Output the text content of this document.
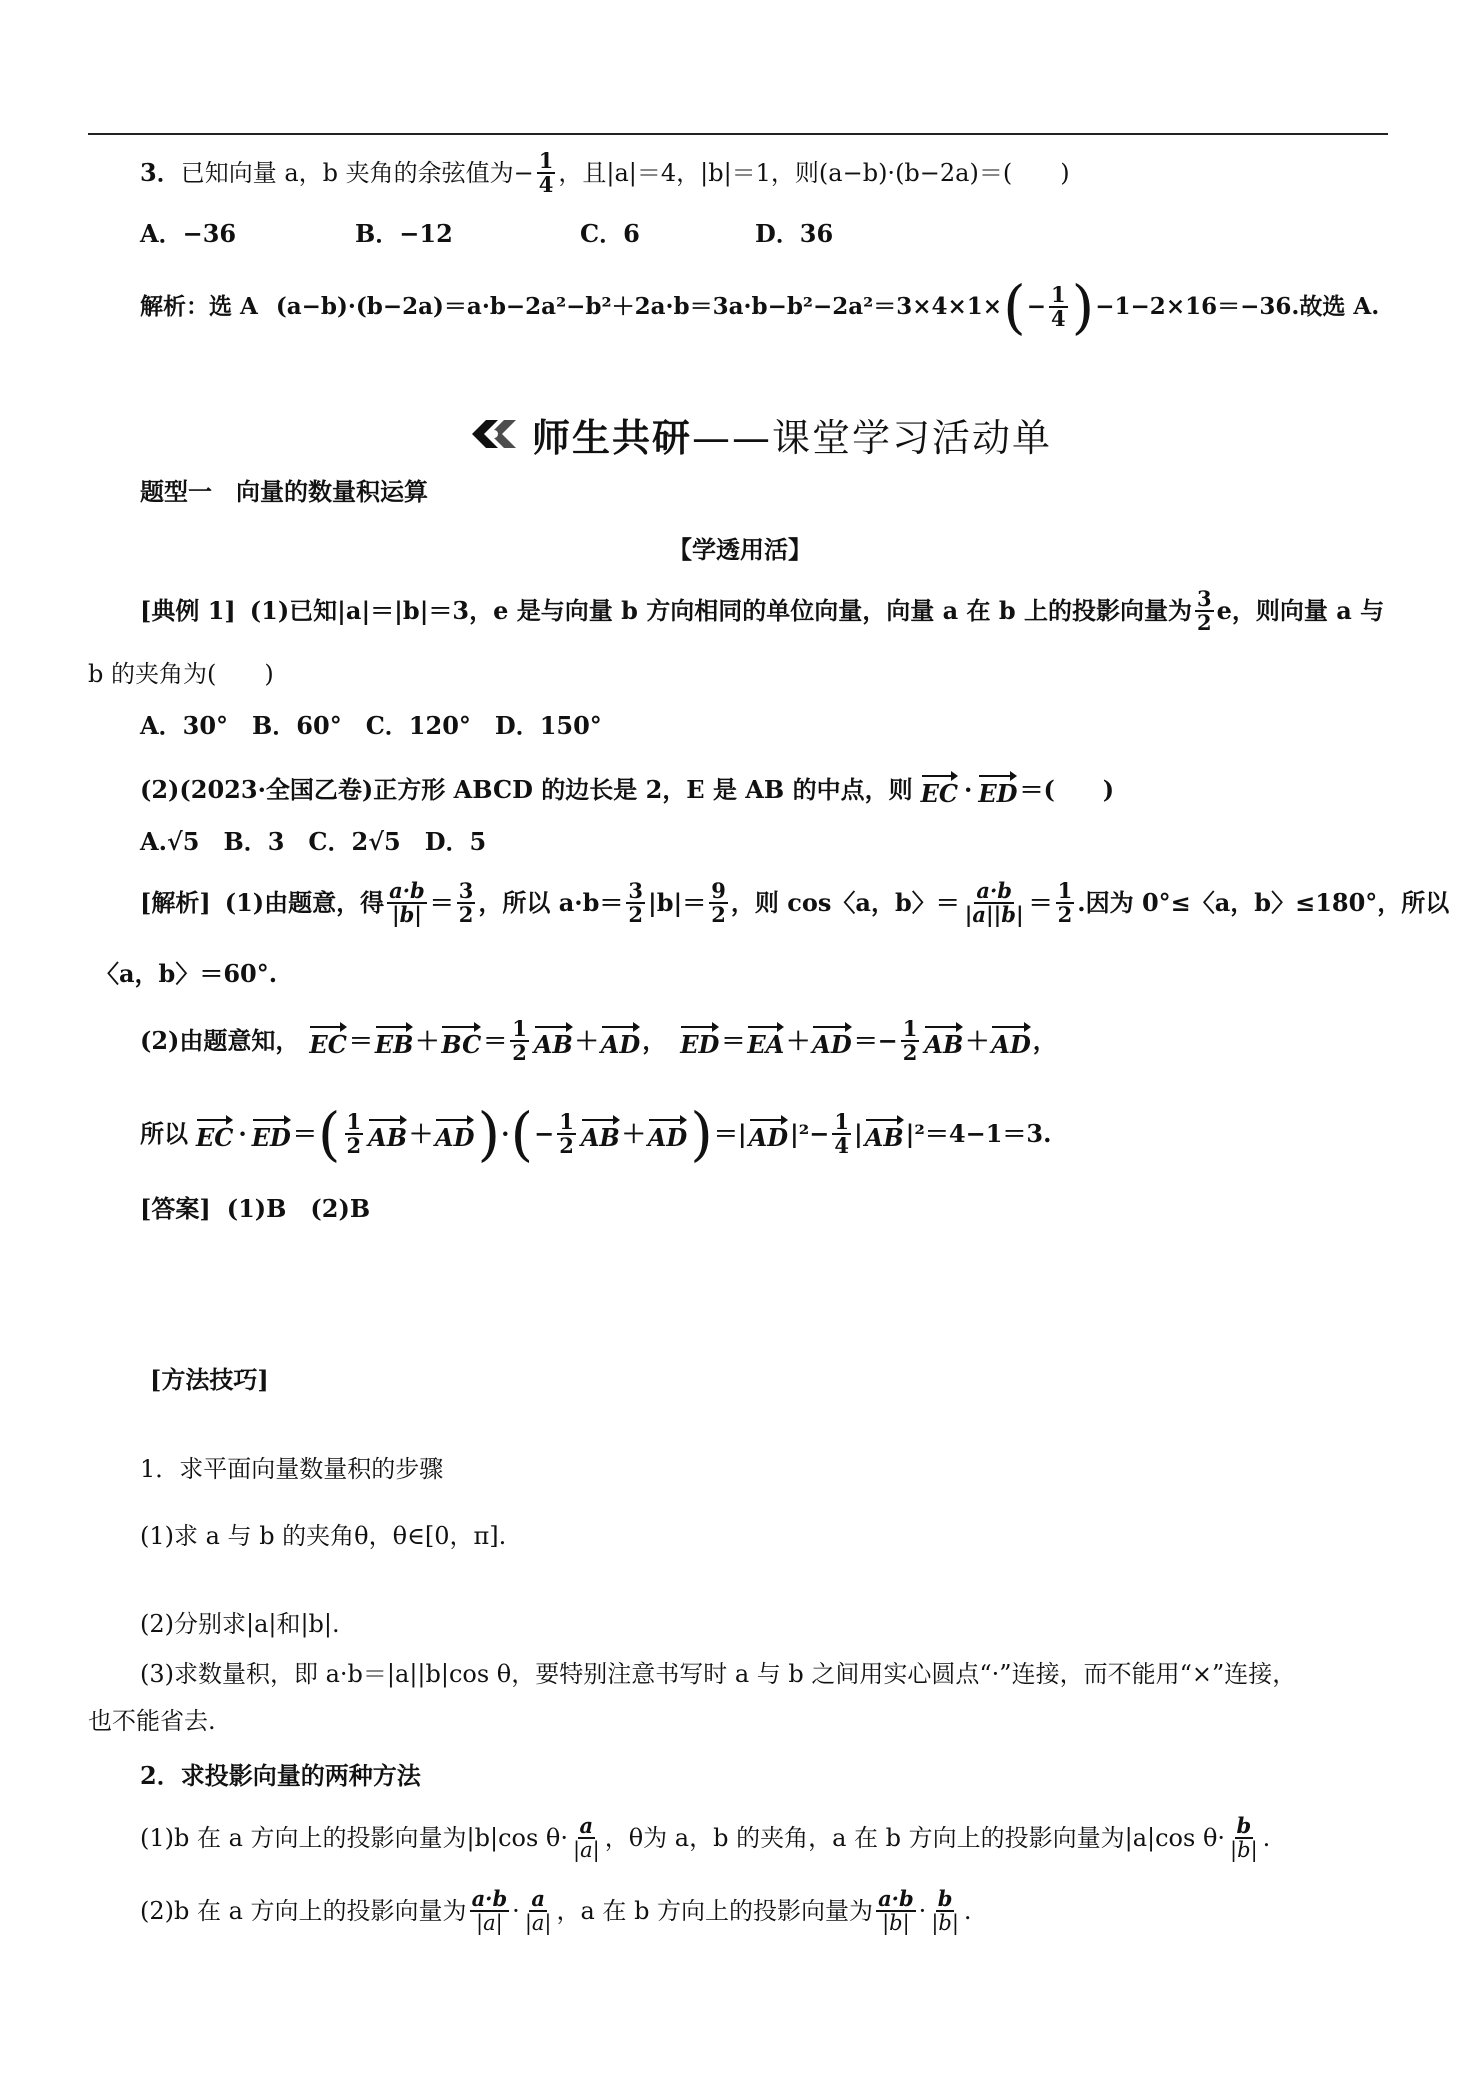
3． 已知向量 a，b 夹角的余弦值为− $\frac{1}{4}$ ，且|a|＝4，|b|＝1，则(a−b)·(b−2a)＝(　　)
A．−36	B．−12	C．6	D．36
解析： 选 A (a−b)·(b−2a)＝a·b−2a²−b²＋2a·b＝3a·b−b²−2a²＝3×4×1× ( − $\frac{1}{4}$ ) −1−2×16＝−36.故选 A.
师生共研 ——课堂学习活动单
题型一　向量的数量积运算
【学透用活】
[典例 1] (1)已知|a|＝|b|＝3，e 是与向量 b 方向相同的单位向量，向量 a 在 b 上的投影向量为 $\frac{3}{2}$ e，则向量 a 与
b 的夹角为(　　)
A．30°　B．60°　C．120°　D．150°
(2)(2023· 全国乙卷 )正方形 ABCD 的边长是 2，E 是 AB 的中点，则 EC · ED ＝(　　)
A.√5　B．3　C．2√5　D．5
[解析] (1)由题意，得 $\frac{a\cdot b}{|b|} = \frac{3}{2}$ ， 所以 $a\cdot b= \frac{3}{2} |b|= \frac{9}{2}$ ，则 cos〈a，b〉＝ $\frac{a\cdot b}{|a||b|} = \frac{1}{2}$ .因为 0°≤〈a，b〉≤180°，所以
〈a，b〉＝60°.
(2)由题意知， EC ＝ EB ＋ BC ＝ $\frac{1}{2}$ AB ＋ AD ， ED ＝ EA ＋ AD ＝− $\frac{1}{2}$ AB ＋ AD ，
所以 EC · ED ＝ ( $\frac{1}{2}$ AB ＋ AD ) · ( − $\frac{1}{2}$ AB ＋ AD ) ＝| AD $|^2- \frac{1}{4}$ | AB |²＝4−1＝3.
[答案] (1)B　(2)B
[方法技巧]
1．求平面向量数量积的步骤
(1)求 a 与 b 的夹角θ，θ∈[0，π].
(2)分别求|a|和|b|.
(3)求数量积，即 a·b＝|a||b|cos θ，要特别注意书写时 a 与 b 之间用实心圆点“·”连接，而不能用“×”连接，
也不能省去.
2．求投影向量的两种方法
(1)b 在 a 方向上的投影向量为|b|cos $\theta\cdot \frac{a}{|a|}$ ，θ为 a，b 的夹角，a 在 b 方向上的投影向量为|a|cos $\theta\cdot \frac{b}{|b|}$ .
(2)b 在 a 方向上的投影向量为 $\frac{a\cdot b}{|a|} \cdot \frac{a}{|a|}$ ，a 在 b 方向上的投影向量为 $\frac{a\cdot b}{|b|} \cdot \frac{b}{|b|}$ .
